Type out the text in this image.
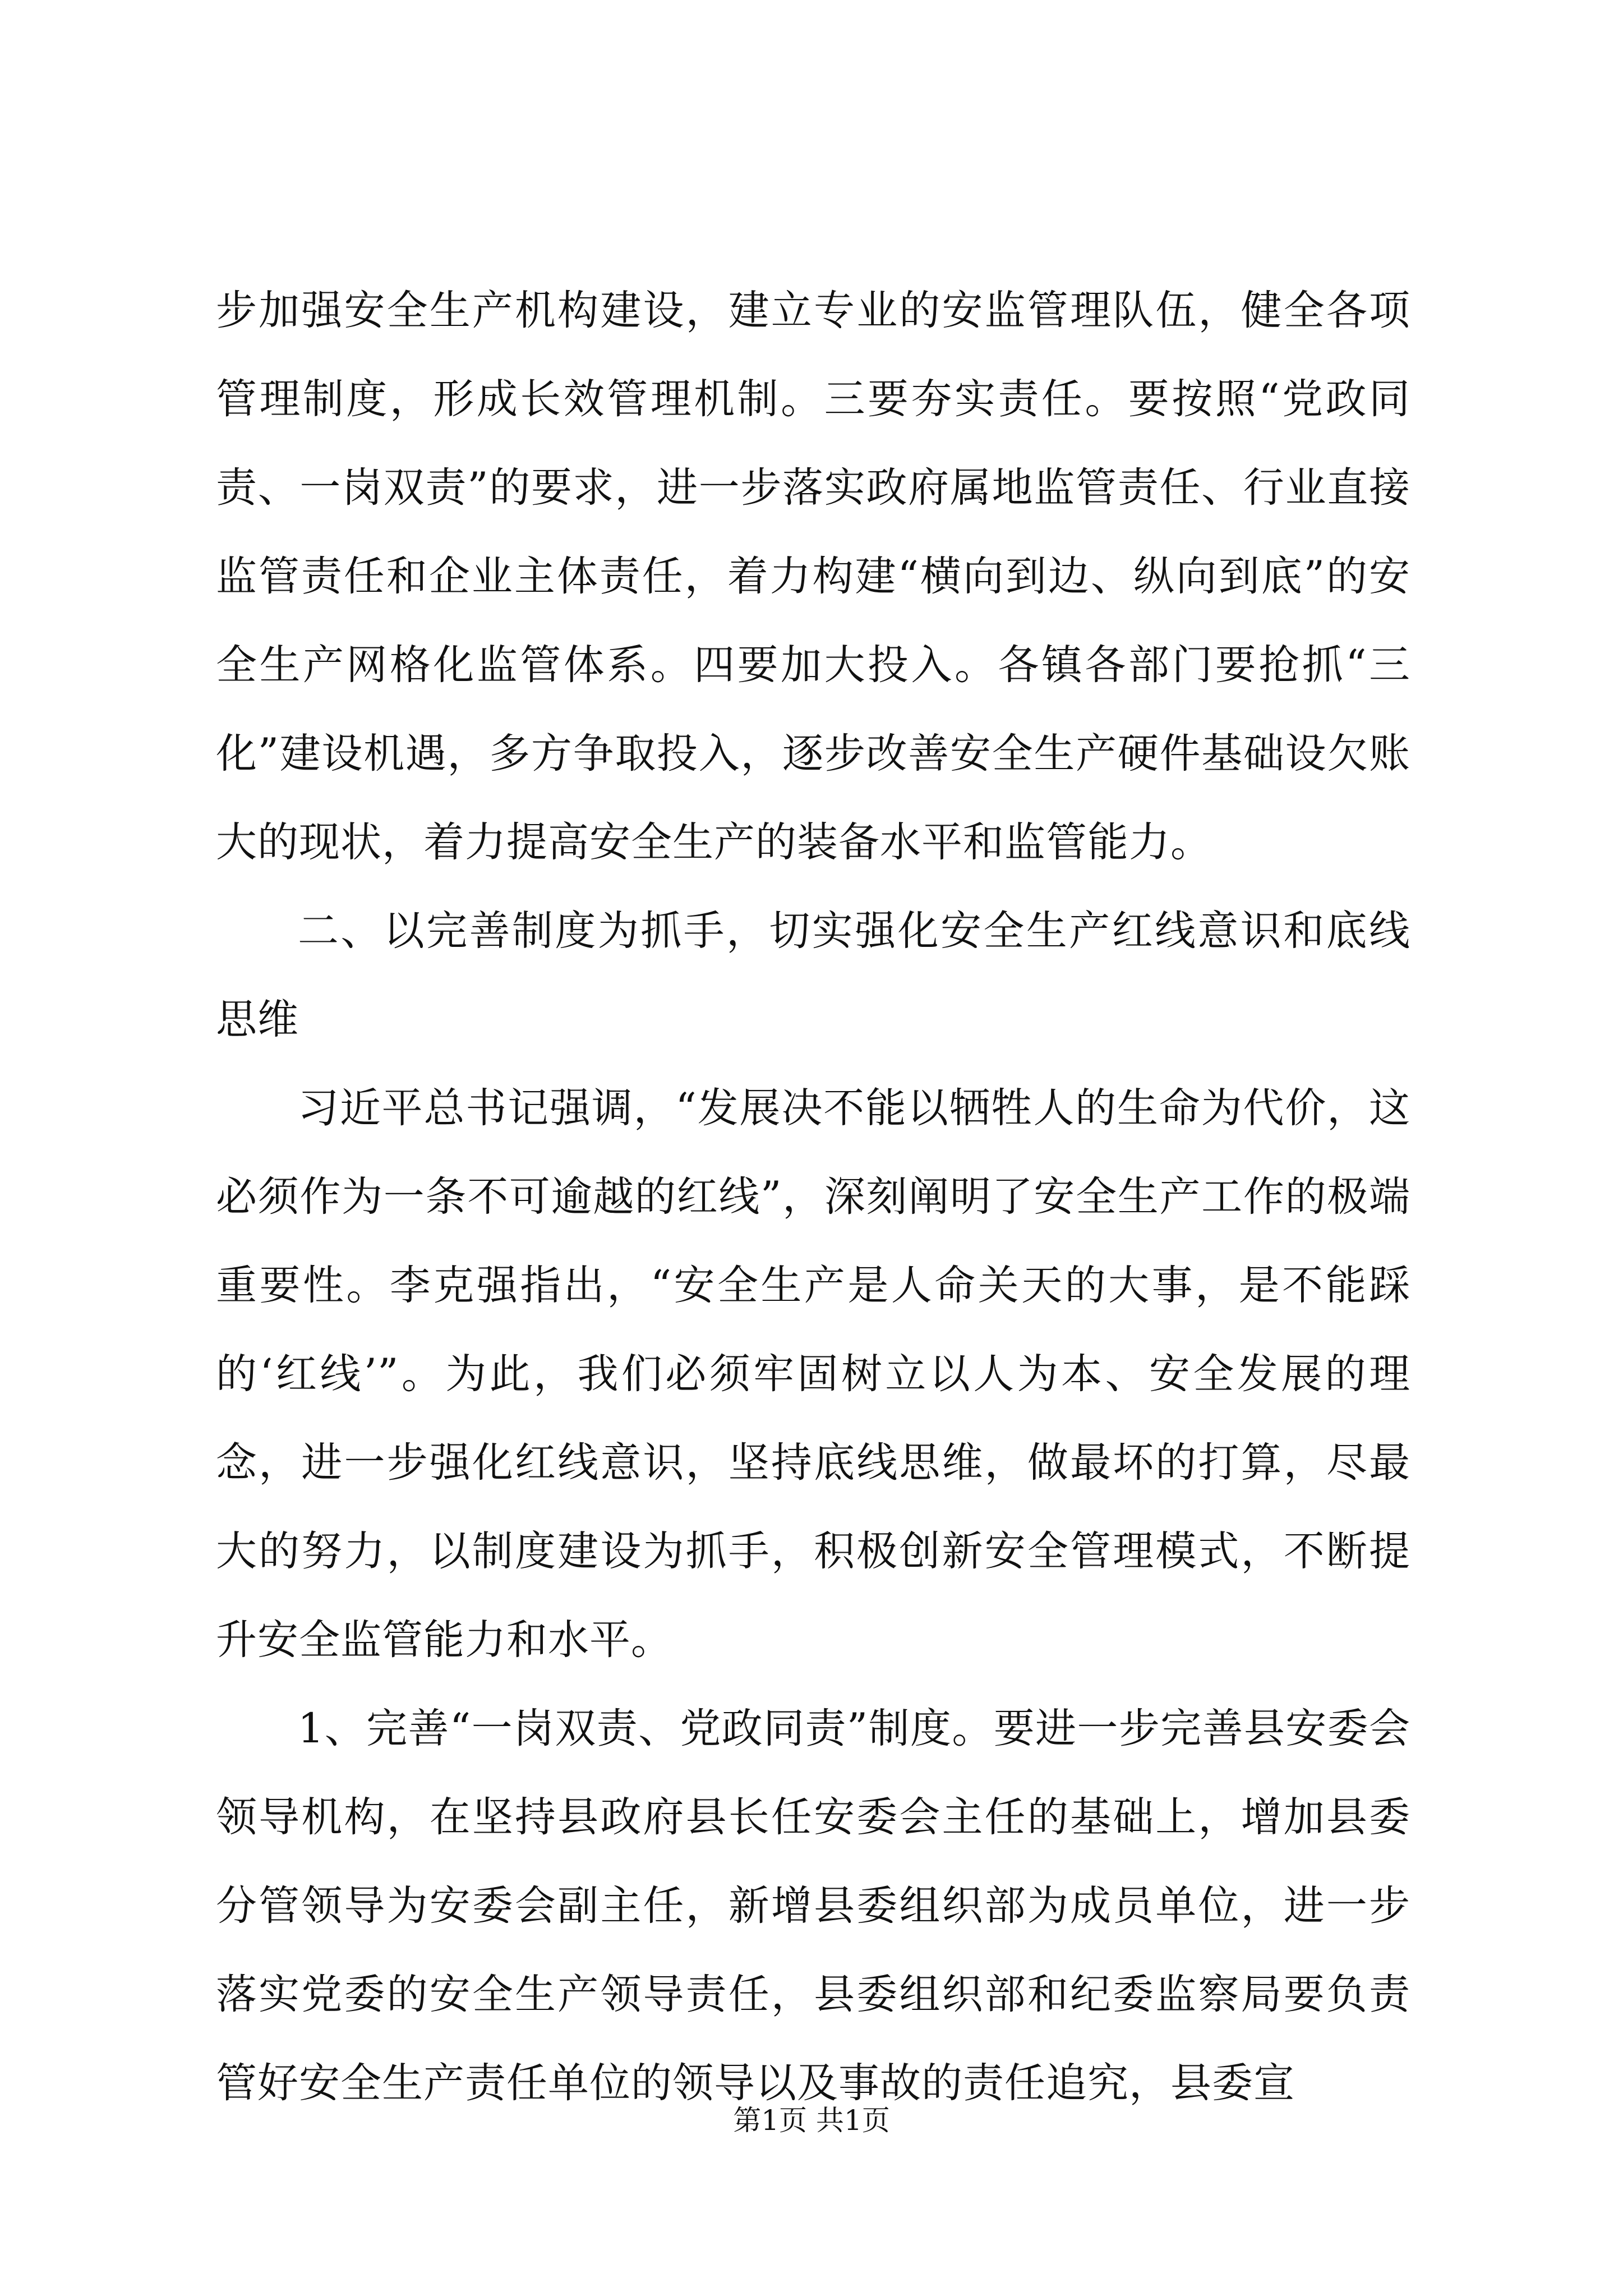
步加强安全生产机构建设，建立专业的安监管理队伍，健全各项管理制度，形成长效管理机制。三要夯实责任。要按照“党政同责、一岗双责”的要求，进一步落实政府属地监管责任、行业直接监管责任和企业主体责任，着力构建“横向到边、纵向到底”的安全生产网格化监管体系。四要加大投入。各镇各部门要抢抓“三化”建设机遇，多方争取投入，逐步改善安全生产硬件基础设欠账大的现状，着力提高安全生产的装备水平和监管能力。

二、以完善制度为抓手，切实强化安全生产红线意识和底线思维

习近平总书记强调，“发展决不能以牺牲人的生命为代价，这必须作为一条不可逾越的红线”，深刻阐明了安全生产工作的极端重要性。李克强指出，“安全生产是人命关天的大事，是不能踩的‘红线’”。为此，我们必须牢固树立以人为本、安全发展的理念，进一步强化红线意识，坚持底线思维，做最坏的打算，尽最大的努力，以制度建设为抓手，积极创新安全管理模式，不断提升安全监管能力和水平。

1、完善“一岗双责、党政同责”制度。要进一步完善县安委会领导机构，在坚持县政府县长任安委会主任的基础上，增加县委分管领导为安委会副主任，新增县委组织部为成员单位，进一步落实党委的安全生产领导责任，县委组织部和纪委监察局要负责管好安全生产责任单位的领导以及事故的责任追究，县委宣

第1页 共1页
